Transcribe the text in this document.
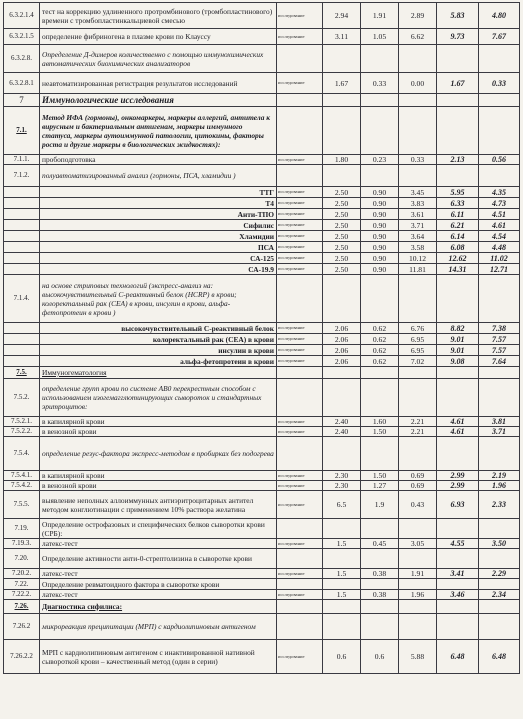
6.3.2.1.4	тест на коррекцию удлиненного протромбинового (тромбопластинового) времени с тромбопластинкальциевой смесью	исследование	2.94	1.91	2.89	5.83	4.80
6.3.2.1.5	определение фибриногена в плазме крови по Клауссу	исследование	3.11	1.05	6.62	9.73	7.67
6.3.2.8.	Определение Д-димеров количественно с помощью иммунохимических автоматических биохимических анализаторов						
6.3.2.8.1	неавтоматизированная регистрация результатов исследований	исследование	1.67	0.33	0.00	1.67	0.33
7	Иммунологические исследования						
7.1.	Метод ИФА (гормоны), онкомаркеры, маркеры аллергий, антитела к вирусным и бактериальным антигенам, маркеры иммунного статуса, маркеры аутоиммунной патологии, цитокины, факторы роста и другие маркеры в биологических жидкостях):						
7.1.1.	пробоподготовка	исследование	1.80	0.23	0.33	2.13	0.56
7.1.2.	полуавтоматизированный анализ (гормоны, ПСА, хламидии )						
	ТТГ	исследование	2.50	0.90	3.45	5.95	4.35
	Т4	исследование	2.50	0.90	3.83	6.33	4.73
	Анти-ТПО	исследование	2.50	0.90	3.61	6.11	4.51
	Сифилис	исследование	2.50	0.90	3.71	6.21	4.61
	Хламидии	исследование	2.50	0.90	3.64	6.14	4.54
	ПСА	исследование	2.50	0.90	3.58	6.08	4.48
	СА-125	исследование	2.50	0.90	10.12	12.62	11.02
	СА-19.9	исследование	2.50	0.90	11.81	14.31	12.71
7.1.4.	на основе стриповых технологий (экспресс-анализ на: высокочувствительный С-реактивный белок (HCRP) в крови; колоректальный рак (СЕА) в крови, инсулин в крови, альфа-фетопротеин в крови )						
	высокочувствительный С-реактивный белок	исследование	2.06	0.62	6.76	8.82	7.38
	колоректальный рак (СЕА) в крови	исследование	2.06	0.62	6.95	9.01	7.57
	инсулин в крови	исследование	2.06	0.62	6.95	9.01	7.57
	альфа-фетопротеин в крови	исследование	2.06	0.62	7.02	9.08	7.64
7.5.	Иммуногематология						
7.5.2.	определение групп крови по системе АВ0 перекрестным способом с использованием изогемагглютинирующих сывороток и стандартных эритроцитов:						
7.5.2.1.	в капилярной крови	исследование	2.40	1.60	2.21	4.61	3.81
7.5.2.2.	в венозной крови	исследование	2.40	1.50	2.21	4.61	3.71
7.5.4.	определение резус-фактора экспресс-методом в пробирках без подогрева						
7.5.4.1.	в капилярной крови	исследование	2.30	1.50	0.69	2.99	2.19
7.5.4.2.	в венозной крови	исследование	2.30	1.27	0.69	2.99	1.96
7.5.5.	выявление неполных аллоиммунных антиэритроцитарных антител методом конглютинации с применением 10% раствора желатина	исследование	6.5	1.9	0.43	6.93	2.33
7.19.	Определение острофазовых и специфических белков сыворотки крови (СРБ):						
7.19.3.	латекс-тест	исследование	1.5	0.45	3.05	4.55	3.50
7.20.	Определение активности анти-0-стрептолизина в сыворотке крови						
7.20.2.	латекс-тест	исследование	1.5	0.38	1.91	3.41	2.29
7.22.	Определение ревматоидного фактора в сыворотке крови						
7.22.2.	латекс-тест	исследование	1.5	0.38	1.96	3.46	2.34
7.26.	Диагностика сифилиса:						
7.26.2	микрореакция преципитации (МРП) с кардиолипиновым антигеном						
7.26.2.2	МРП с кардиолипиновым антигеном с инактивированной нативной сывороткой крови – качественный метод (один в серии)	исследование	0.6	0.6	5.88	6.48	6.48
